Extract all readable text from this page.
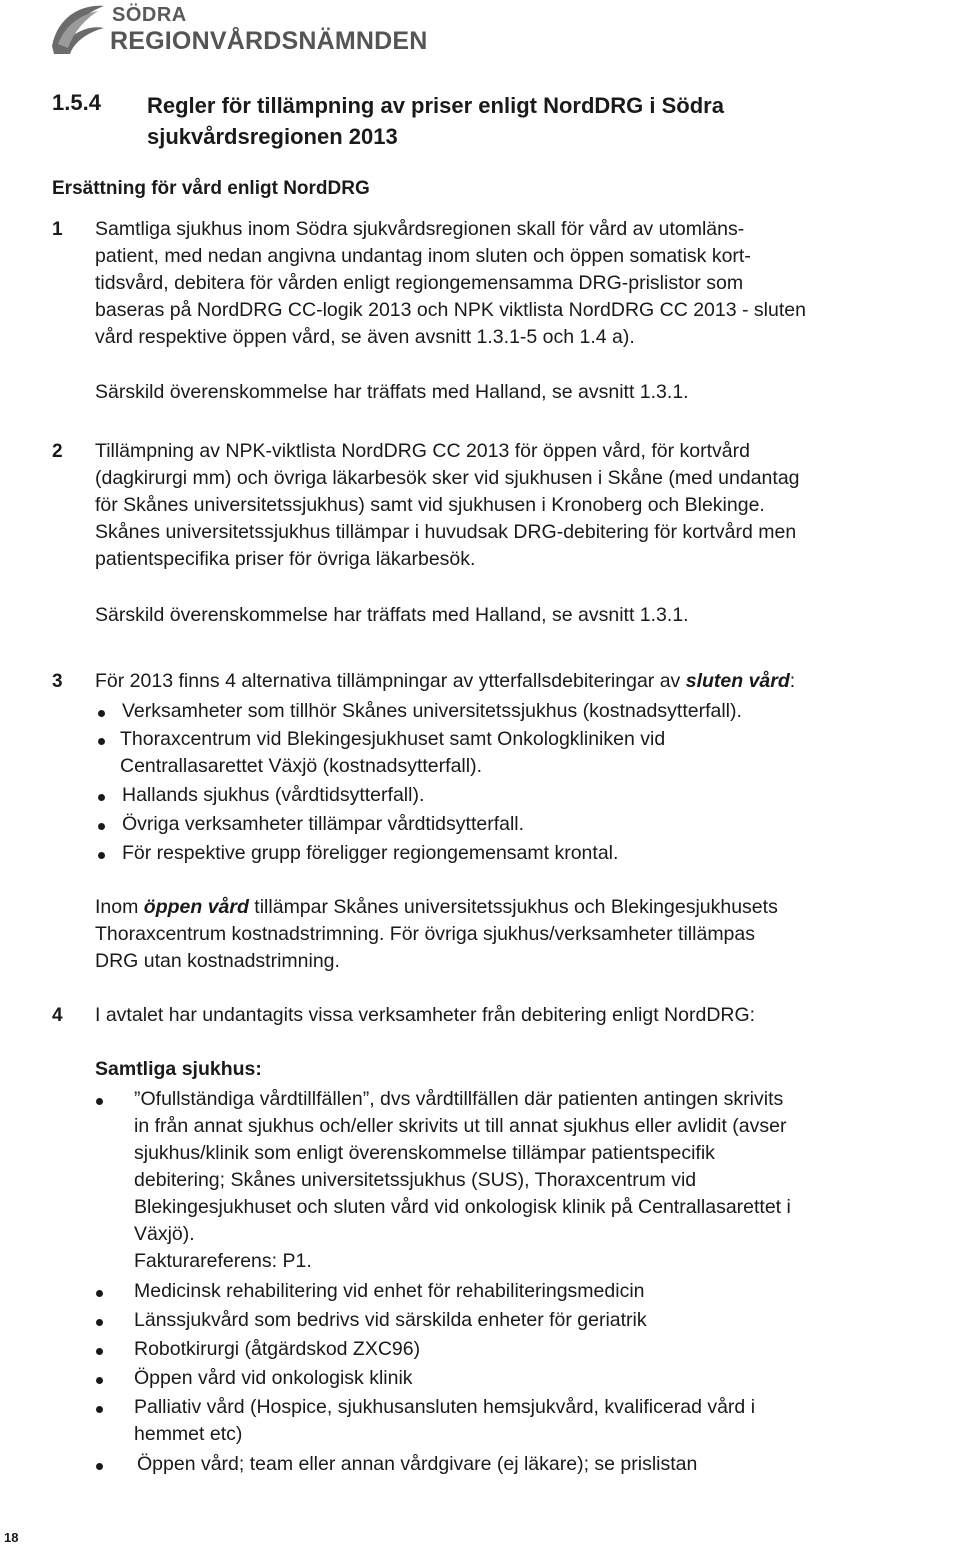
SÖDRA
REGIONVÅRDSNÄMNDEN
1.5.4 Regler för tillämpning av priser enligt NordDRG i Södra
sjukvårdsregionen 2013
Ersättning för vård enligt NordDRG
1 Samtliga sjukhus inom Södra sjukvårdsregionen skall för vård av utomläns-
patient, med nedan angivna undantag inom sluten och öppen somatisk kort-
tidsvård, debitera för vården enligt regiongemensamma DRG-prislistor som
baseras på NordDRG CC-logik 2013 och NPK viktlista NordDRG CC 2013 - sluten
vård respektive öppen vård, se även avsnitt 1.3.1-5 och 1.4 a).
Särskild överenskommelse har träffats med Halland, se avsnitt 1.3.1.
2 Tillämpning av NPK-viktlista NordDRG CC 2013 för öppen vård, för kortvård
(dagkirurgi mm) och övriga läkarbesök sker vid sjukhusen i Skåne (med undantag
för Skånes universitetssjukhus) samt vid sjukhusen i Kronoberg och Blekinge.
Skånes universitetssjukhus tillämpar i huvudsak DRG-debitering för kortvård men
patientspecifika priser för övriga läkarbesök.
Särskild överenskommelse har träffats med Halland, se avsnitt 1.3.1.
3 För 2013 finns 4 alternativa tillämpningar av ytterfallsdebiteringar av sluten vård:
Verksamheter som tillhör Skånes universitetssjukhus (kostnadsytterfall).
Thoraxcentrum vid Blekingesjukhuset samt Onkologkliniken vid
Centrallasarettet Växjö (kostnadsytterfall).
Hallands sjukhus (vårdtidsytterfall).
Övriga verksamheter tillämpar vårdtidsytterfall.
För respektive grupp föreligger regiongemensamt krontal.
Inom öppen vård tillämpar Skånes universitetssjukhus och Blekingesjukhusets
Thoraxcentrum kostnadstrimning. För övriga sjukhus/verksamheter tillämpas
DRG utan kostnadstrimning.
4 I avtalet har undantagits vissa verksamheter från debitering enligt NordDRG:
Samtliga sjukhus:
”Ofullständiga vårdtillfällen”, dvs vårdtillfällen där patienten antingen skrivits
in från annat sjukhus och/eller skrivits ut till annat sjukhus eller avlidit (avser
sjukhus/klinik som enligt överenskommelse tillämpar patientspecifik
debitering; Skånes universitetssjukhus (SUS), Thoraxcentrum vid
Blekingesjukhuset och sluten vård vid onkologisk klinik på Centrallasarettet i
Växjö).
Fakturareferens: P1.
Medicinsk rehabilitering vid enhet för rehabiliteringsmedicin
Länssjukvård som bedrivs vid särskilda enheter för geriatrik
Robotkirurgi (åtgärdskod ZXC96)
Öppen vård vid onkologisk klinik
Palliativ vård (Hospice, sjukhusansluten hemsjukvård, kvalificerad vård i
hemmet etc)
Öppen vård; team eller annan vårdgivare (ej läkare); se prislistan
18
